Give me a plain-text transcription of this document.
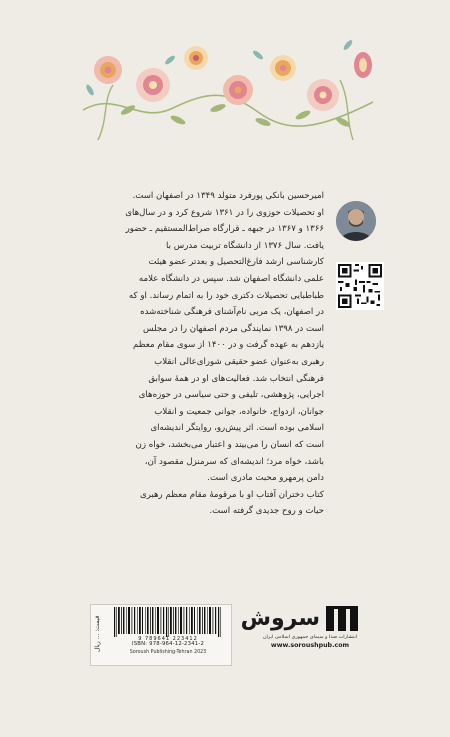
امیرحسین بانکی پورفرد متولد ۱۳۴۹ در اصفهان است.

او تحصیلات حوزوی را در ۱۳۶۱ شروع کرد و در سال‌های

۱۳۶۶ و ۱۳۶۷ در جبهه ـ قرارگاه صراط‌المستقیم ـ حضور

یافت. سال ۱۳۷۶ از دانشگاه تربیت مدرس با

کارشناسی ارشد فارغ‌التحصیل و بعدتر عضو هیئت

علمی دانشگاه اصفهان شد. سپس در دانشگاه علامه

طباطبایی تحصیلات دکتری خود را به اتمام رساند. او که

در اصفهان، یک مربی نام‌آشنای فرهنگی شناخته‌شده

است در ۱۳۹۸ نمایندگی مردم اصفهان را در مجلس

یازدهم به عهده گرفت و در ۱۴۰۰ از سوی مقام معظم

رهبری به‌عنوان عضو حقیقی شورای‌عالی انقلاب

فرهنگی انتخاب شد. فعالیت‌های او در همهٔ سوابق

اجرایی، پژوهشی، تلیفی و حتی سیاسی در حوزه‌های

جوانان، ازدواج، خانواده، جوانی جمعیت و انقلاب

اسلامی بوده است. اثر پیش‌رو، روایتگر اندیشه‌ای

است که انسان را می‌بیند و اعتبار می‌بخشد، خواه زن

باشد، خواه مرد؛ اندیشه‌ای که سرمنزل مقصود آن،

دامن پرمهرو محبت مادری است.

کتاب دختران آفتاب او با مرقومهٔ مقام معظم رهبری

حیات و روح جدیدی گرفته است.

قیمت: ... ریال	9 789641 223412
ISBN: 978-964-12-2341-2
Soroush Publishing-Tehran 2023
سروش
انتشارات صدا و سیمای جمهوری اسلامی ایران
www.soroushpub.com
